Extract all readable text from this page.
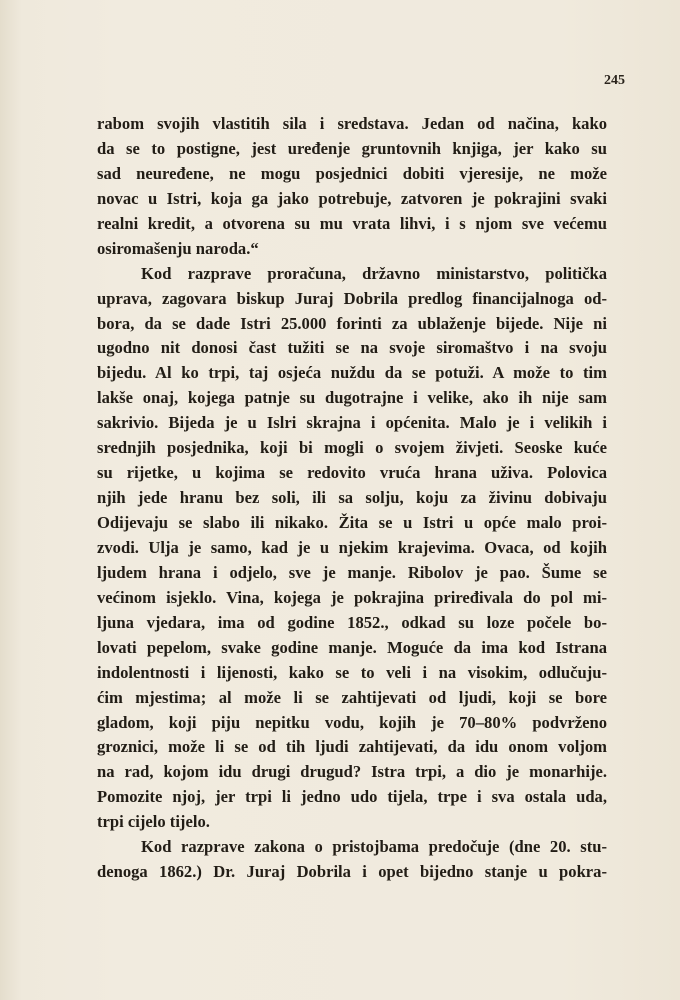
245
rabom svojih vlastitih sila i sredstava. Jedan od načina, kako
da se to postigne, jest uređenje gruntovnih knjiga, jer kako su
sad neuređene, ne mogu posjednici dobiti vjeresije, ne može
novac u Istri, koja ga jako potrebuje, zatvoren je pokrajini svaki
realni kredit, a otvorena su mu vrata lihvi, i s njom sve većemu
osiromašenju naroda.“
Kod razprave proračuna, državno ministarstvo, politička
uprava, zagovara biskup Juraj Dobrila predlog financijalnoga od-
bora, da se dade Istri 25.000 forinti za ublaženje bijede. Nije ni
ugodno nit donosi čast tužiti se na svoje siromaštvo i na svoju
bijedu. Al ko trpi, taj osjeća nuždu da se potuži. A može to tim
lakše onaj, kojega patnje su dugotrajne i velike, ako ih nije sam
sakrivio. Bijeda je u Islri skrajna i općenita. Malo je i velikih i
srednjih posjednika, koji bi mogli o svojem živjeti. Seoske kuće
su rijetke, u kojima se redovito vruća hrana uživa. Polovica
njih jede hranu bez soli, ili sa solju, koju za živinu dobivaju
Odijevaju se slabo ili nikako. Žita se u Istri u opće malo proi-
zvodi. Ulja je samo, kad je u njekim krajevima. Ovaca, od kojih
ljudem hrana i odjelo, sve je manje. Ribolov je pao. Šume se
većinom isjeklo. Vina, kojega je pokrajina priređivala do pol mi-
ljuna vjedara, ima od godine 1852., odkad su loze počele bo-
lovati pepelom, svake godine manje. Moguće da ima kod Istrana
indolentnosti i lijenosti, kako se to veli i na visokim, odlučuju-
ćim mjestima; al može li se zahtijevati od ljudi, koji se bore
gladom, koji piju nepitku vodu, kojih je 70–80% podvrženo
groznici, može li se od tih ljudi zahtijevati, da idu onom voljom
na rad, kojom idu drugi drugud? Istra trpi, a dio je monarhije.
Pomozite njoj, jer trpi li jedno udo tijela, trpe i sva ostala uda,
trpi cijelo tijelo.
Kod razprave zakona o pristojbama predočuje (dne 20. stu-
denoga 1862.) Dr. Juraj Dobrila i opet bijedno stanje u pokra-
